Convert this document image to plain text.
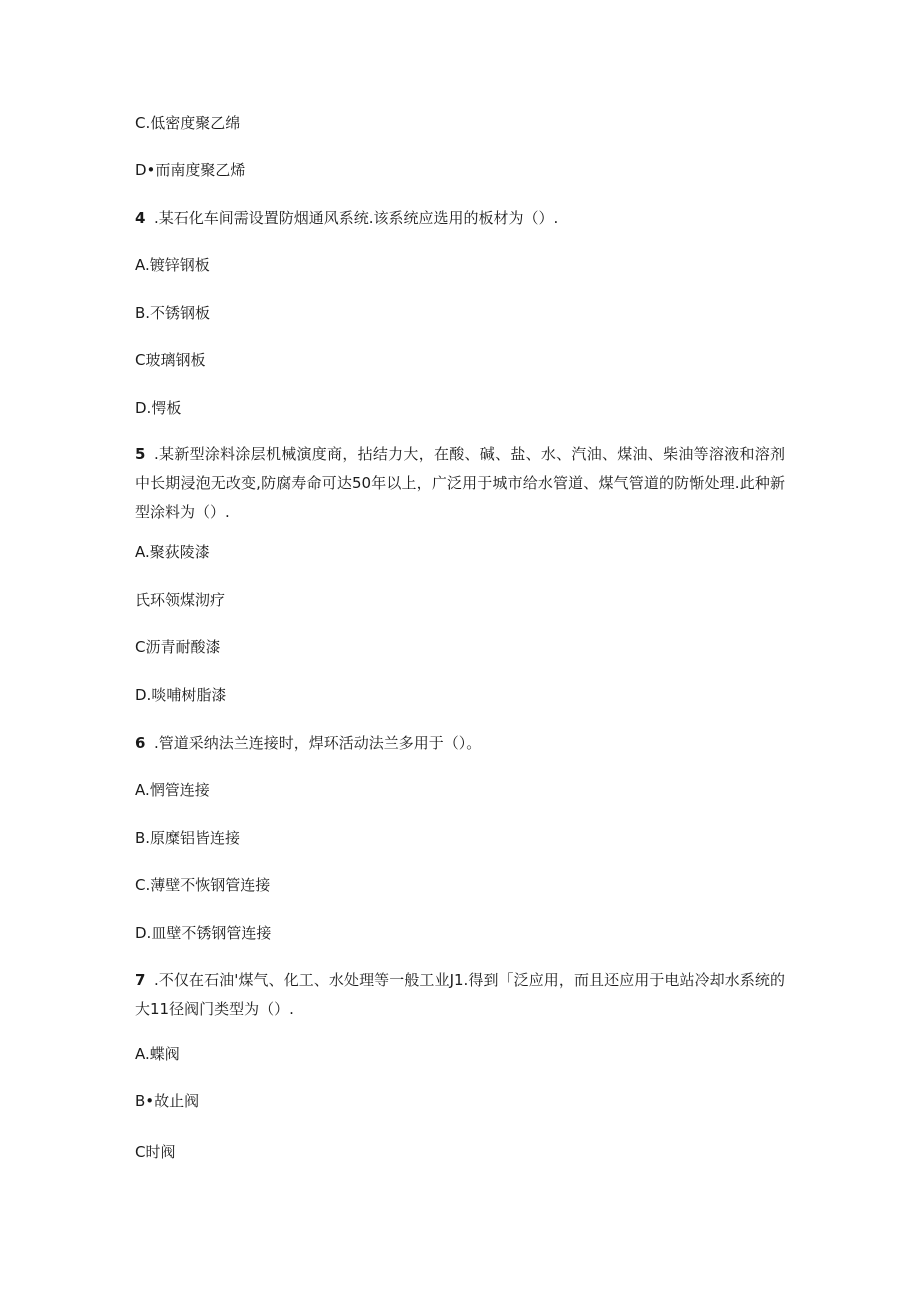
C.低密度聚乙绵

D•而南度聚乙烯

4 .某石化车间需设置防烟通风系统.该系统应选用的板材为（）.

A.镀锌钢板

B.不锈钢板

C玻璃钢板

D.愕板

5 .某新型涂料涂层机械演度商，拈结力大，在酸、碱、盐、水、汽油、煤油、柴油等溶液和溶剂中长期浸泡无改变,防腐寿命可达50年以上，广泛用于城市给水管道、煤气管道的防惭处理.此种新型涂料为（）.

A.聚荻陵漆

氏环领煤沏疗

C沥青耐酸漆

D.啖哺树脂漆

6 .管道采纳法兰连接时，焊环活动法兰多用于（）。

A.惘管连接

B.原糜铝皆连接

C.薄壁不恢钢管连接

D.皿壁不锈钢管连接

7 .不仅在石油'煤气、化工、水处理等一般工业J1.得到「泛应用，而且还应用于电站冷却水系统的大11径阀门类型为（）.

A.蝶阀

B•故止阀

C时阀
